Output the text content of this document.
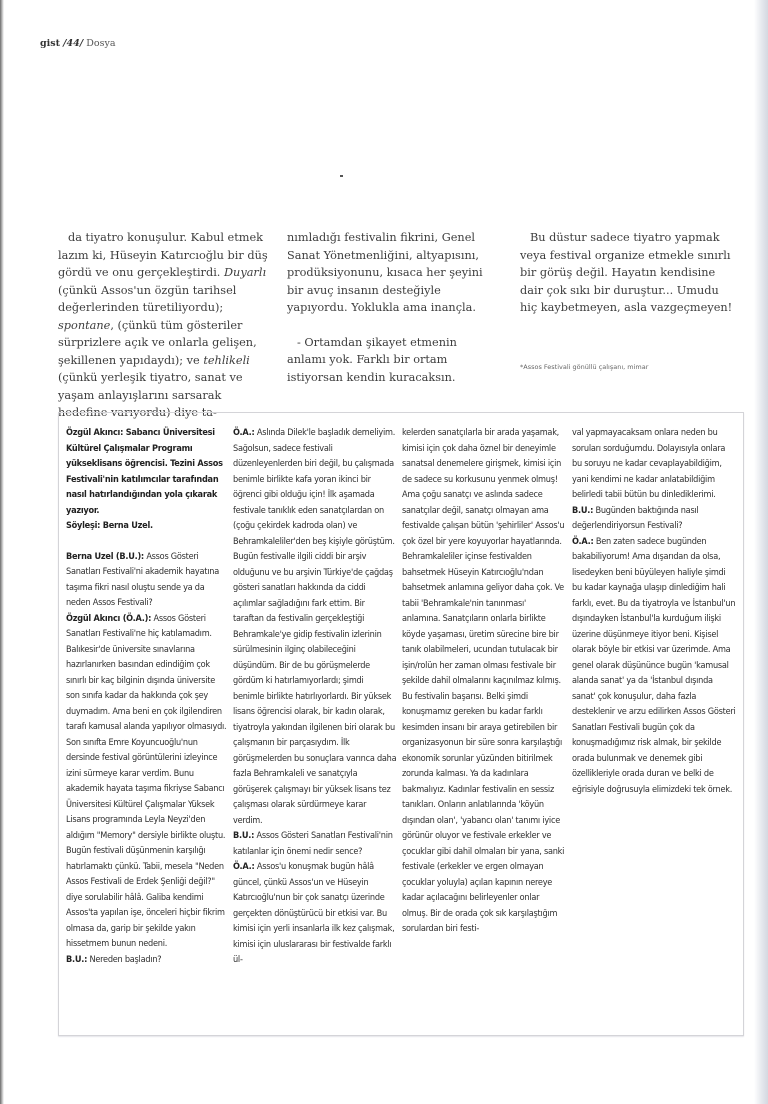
gist /44/ Dosya

da tiyatro konuşulur. Kabul etmek lazım ki, Hüseyin Katırcıoğlu bir düş gördü ve onu gerçekleştirdi. Duyarlı (çünkü Assos'un özgün tarihsel değerlerinden türetiliyordu); spontane, (çünkü tüm gösteriler sürprizlere açık ve onlarla gelişen, şekillenen yapıdaydı); ve tehlikeli (çünkü yerleşik tiyatro, sanat ve yaşam anlayışlarını sarsarak hedefine varıyordu) diye ta-

nımladığı festivalin fikrini, Genel Sanat Yönetmenliğini, altyapısını, prodüksiyonunu, kısaca her şeyini bir avuç insanın desteğiyle yapıyordu. Yoklukla ama inançla.

- Ortamdan şikayet etmenin anlamı yok. Farklı bir ortam istiyorsan kendin kuracaksın.

Bu düstur sadece tiyatro yapmak veya festival organize etmekle sınırlı bir görüş değil. Hayatın kendisine dair çok sıkı bir duruştur... Umudu hiç kaybetmeyen, asla vazgeçmeyen!

*Assos Festivali gönüllü çalışanı, mimar

Özgül Akıncı: Sabancı Üniversitesi Kültürel Çalışmalar Programı yükseklisans öğrencisi. Tezini Assos Festivali'nin katılımcılar tarafından nasıl hatırlandığından yola çıkarak yazıyor.
Söyleşi: Berna Uzel.

Berna Uzel (B.U.): Assos Gösteri Sanatları Festivali'ni akademik hayatına taşıma fikri nasıl oluştu sende ya da neden Assos Festivali?

Özgül Akıncı (Ö.A.): Assos Gösteri Sanatları Festivali'ne hiç katılamadım. Balıkesir'de üniversite sınavlarına hazırlanırken basından edindiğim çok sınırlı bir kaç bilginin dışında üniversite son sınıfa kadar da hakkında çok şey duymadım. Ama beni en çok ilgilendiren tarafı kamusal alanda yapılıyor olmasıydı. Son sınıfta Emre Koyuncuoğlu'nun dersinde festival görüntülerini izleyince izini sürmeye karar verdim. Bunu akademik hayata taşıma fikriyse Sabancı Üniversitesi Kültürel Çalışmalar Yüksek Lisans programında Leyla Neyzi'den aldığım "Memory" dersiyle birlikte oluştu. Bugün festivali düşünmenin karşılığı hatırlamaktı çünkü. Tabii, mesela "Neden Assos Festivali de Erdek Şenliği değil?" diye sorulabilir hâlâ. Galiba kendimi Assos'ta yapılan işe, önceleri hiçbir fikrim olmasa da, garip bir şekilde yakın hissetmem bunun nedeni.

B.U.: Nereden başladın?

Ö.A.: Aslında Dilek'le başladık demeliyim. Sağolsun, sadece festivali düzenleyenlerden biri değil, bu çalışmada benimle birlikte kafa yoran ikinci bir öğrenci gibi olduğu için! İlk aşamada festivale tanıklık eden sanatçılardan on (çoğu çekirdek kadroda olan) ve Behramkaleliler'den beş kişiyle görüştüm. Bugün festivalle ilgili ciddi bir arşiv olduğunu ve bu arşivin Türkiye'de çağdaş gösteri sanatları hakkında da ciddi açılımlar sağladığını fark ettim. Bir taraftan da festivalin gerçekleştiği Behramkale'ye gidip festivalin izlerinin sürülmesinin ilginç olabileceğini düşündüm. Bir de bu görüşmelerde gördüm ki hatırlamıyorlardı; şimdi benimle birlikte hatırlıyorlardı. Bir yüksek lisans öğrencisi olarak, bir kadın olarak, tiyatroyla yakından ilgilenen biri olarak bu çalışmanın bir parçasıydım. İlk görüşmelerden bu sonuçlara varınca daha fazla Behramkaleli ve sanatçıyla görüşerek çalışmayı bir yüksek lisans tez çalışması olarak sürdürmeye karar verdim.

B.U.: Assos Gösteri Sanatları Festivali'nin katılanlar için önemi nedir sence?

Ö.A.: Assos'u konuşmak bugün hâlâ güncel, çünkü Assos'un ve Hüseyin Katırcıoğlu'nun bir çok sanatçı üzerinde gerçekten dönüştürücü bir etkisi var. Bu kimisi için yerli insanlarla ilk kez çalışmak, kimisi için uluslararası bir festivalde farklı ül-

kelerden sanatçılarla bir arada yaşamak, kimisi için çok daha öznel bir deneyimle sanatsal denemelere girişmek, kimisi için de sadece su korkusunu yenmek olmuş! Ama çoğu sanatçı ve aslında sadece sanatçılar değil, sanatçı olmayan ama festivalde çalışan bütün 'şehirliler' Assos'u çok özel bir yere koyuyorlar hayatlarında. Behramkaleliler içinse festivalden bahsetmek Hüseyin Katırcıoğlu'ndan bahsetmek anlamına geliyor daha çok. Ve tabii 'Behramkale'nin tanınması' anlamına. Sanatçıların onlarla birlikte köyde yaşaması, üretim sürecine bire bir tanık olabilmeleri, ucundan tutulacak bir işin/rolün her zaman olması festivale bir şekilde dahil olmalarını kaçınılmaz kılmış. Bu festivalin başarısı. Belki şimdi konuşmamız gereken bu kadar farklı kesimden insanı bir araya getirebilen bir organizasyonun bir süre sonra karşılaştığı ekonomik sorunlar yüzünden bitirilmek zorunda kalması. Ya da kadınlara bakmalıyız. Kadınlar festivalin en sessiz tanıkları. Onların anlatılarında 'köyün dışından olan', 'yabancı olan' tanımı iyice görünür oluyor ve festivale erkekler ve çocuklar gibi dahil olmaları bir yana, sanki festivale (erkekler ve ergen olmayan çocuklar yoluyla) açılan kapının nereye kadar açılacağını belirleyenler onlar olmuş. Bir de orada çok sık karşılaştığım sorulardan biri festi-

val yapmayacaksam onlara neden bu soruları sorduğumdu. Dolayısıyla onlara bu soruyu ne kadar cevaplayabildiğim, yani kendimi ne kadar anlatabildiğim belirledi tabii bütün bu dinlediklerimi.

B.U.: Bugünden baktığında nasıl değerlendiriyorsun Festivali?

Ö.A.: Ben zaten sadece bugünden bakabiliyorum! Ama dışarıdan da olsa, lisedeyken beni büyüleyen haliyle şimdi bu kadar kaynağa ulaşıp dinlediğim hali farklı, evet. Bu da tiyatroyla ve İstanbul'un dışındayken İstanbul'la kurduğum ilişki üzerine düşünmeye itiyor beni. Kişisel olarak böyle bir etkisi var üzerimde. Ama genel olarak düşününce bugün 'kamusal alanda sanat' ya da 'İstanbul dışında sanat' çok konuşulur, daha fazla desteklenir ve arzu edilirken Assos Gösteri Sanatları Festivali bugün çok da konuşmadığımız risk almak, bir şekilde orada bulunmak ve denemek gibi özellikleriyle orada duran ve belki de eğrisiyle doğrusuyla elimizdeki tek örnek.
